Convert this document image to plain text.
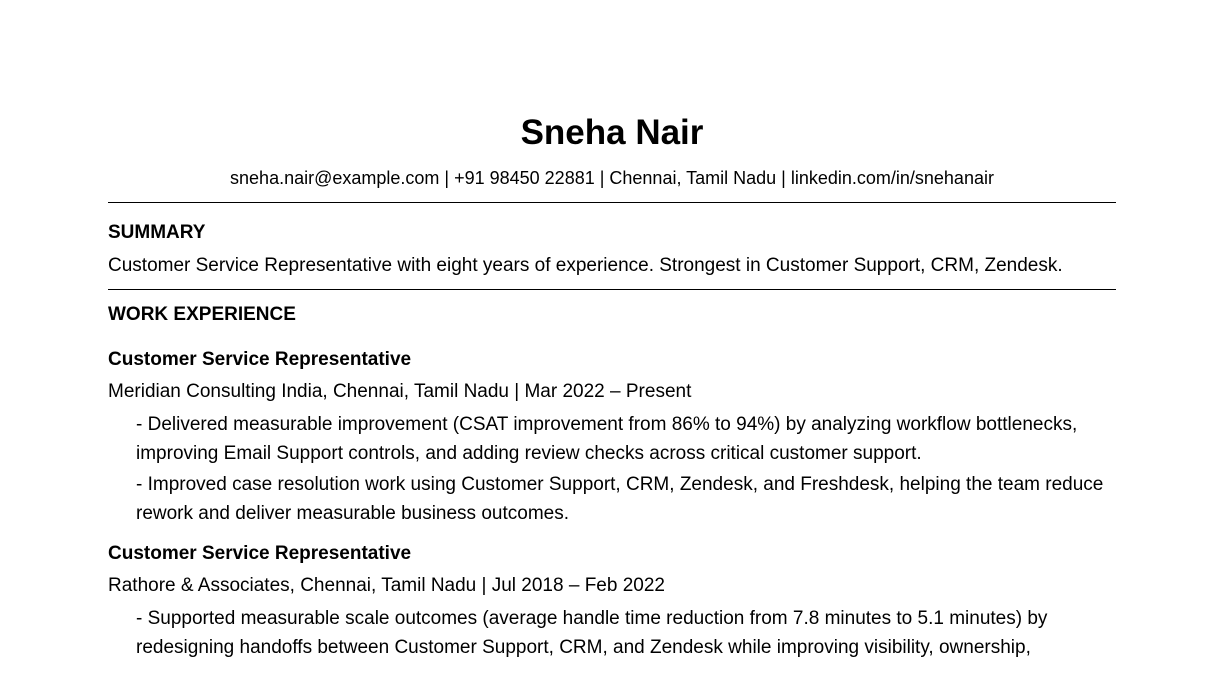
Sneha Nair
sneha.nair@example.com | +91 98450 22881 | Chennai, Tamil Nadu | linkedin.com/in/snehanair
SUMMARY
Customer Service Representative with eight years of experience. Strongest in Customer Support, CRM, Zendesk.
WORK EXPERIENCE
Customer Service Representative
Meridian Consulting India, Chennai, Tamil Nadu | Mar 2022 – Present
- Delivered measurable improvement (CSAT improvement from 86% to 94%) by analyzing workflow bottlenecks, improving Email Support controls, and adding review checks across critical customer support.
- Improved case resolution work using Customer Support, CRM, Zendesk, and Freshdesk, helping the team reduce rework and deliver measurable business outcomes.
Customer Service Representative
Rathore & Associates, Chennai, Tamil Nadu | Jul 2018 – Feb 2022
- Supported measurable scale outcomes (average handle time reduction from 7.8 minutes to 5.1 minutes) by redesigning handoffs between Customer Support, CRM, and Zendesk while improving visibility, ownership,
